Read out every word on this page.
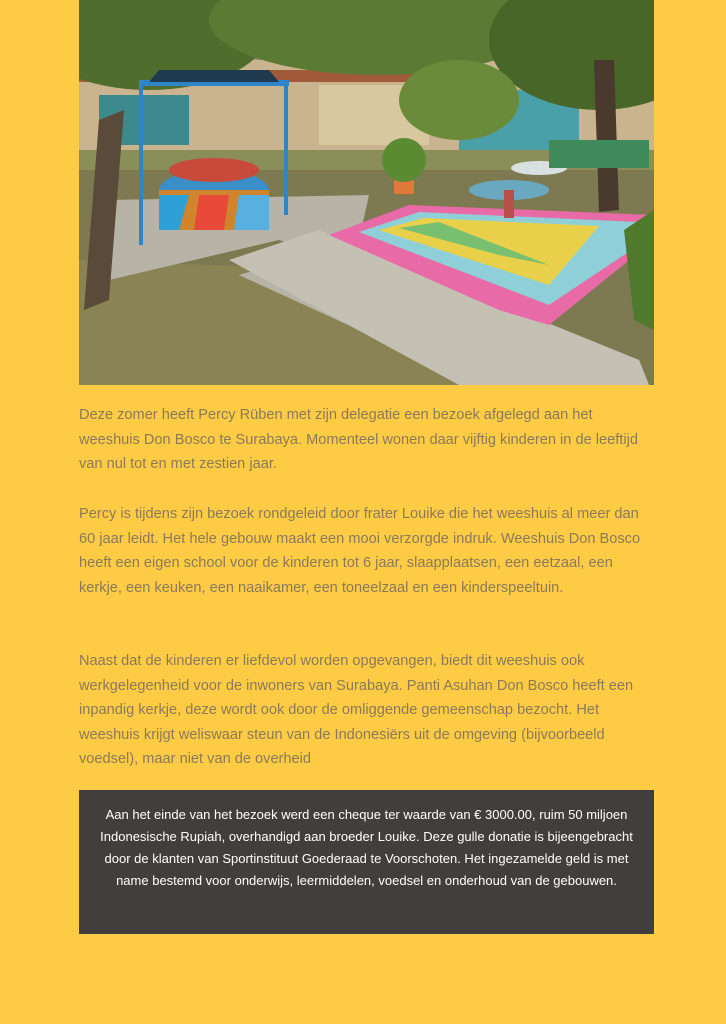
Deze zomer heeft Percy Rüben met zijn delegatie een bezoek afgelegd aan het weeshuis Don Bosco te Surabaya. Momenteel wonen daar vijftig kinderen in de leeftijd van nul tot en met zestien jaar.

Percy is tijdens zijn bezoek rondgeleid door frater Louike die het weeshuis al meer dan 60 jaar leidt. Het hele gebouw maakt een mooi verzorgde indruk. Weeshuis Don Bosco heeft een eigen school voor de kinderen tot 6 jaar, slaapplaatsen, een eetzaal, een kerkje, een keuken, een naaikamer, een toneelzaal en een kinderspeeltuin.

Naast dat de kinderen er liefdevol worden opgevangen, biedt dit weeshuis ook werkgelegenheid voor de inwoners van Surabaya. Panti Asuhan Don Bosco heeft een inpandig kerkje, deze wordt ook door de omliggende gemeenschap bezocht. Het weeshuis krijgt weliswaar steun van de Indonesiërs uit de omgeving (bijvoorbeeld voedsel), maar niet van de overheid

Aan het einde van het bezoek werd een cheque ter waarde van € 3000.00, ruim 50 miljoen Indonesische Rupiah, overhandigd aan broeder Louike. Deze gulle donatie is bijeengebracht door de klanten van Sportinstituut Goederaad te Voorschoten. Het ingezamelde geld is met name bestemd voor onderwijs, leermiddelen, voedsel en onderhoud van de gebouwen.
